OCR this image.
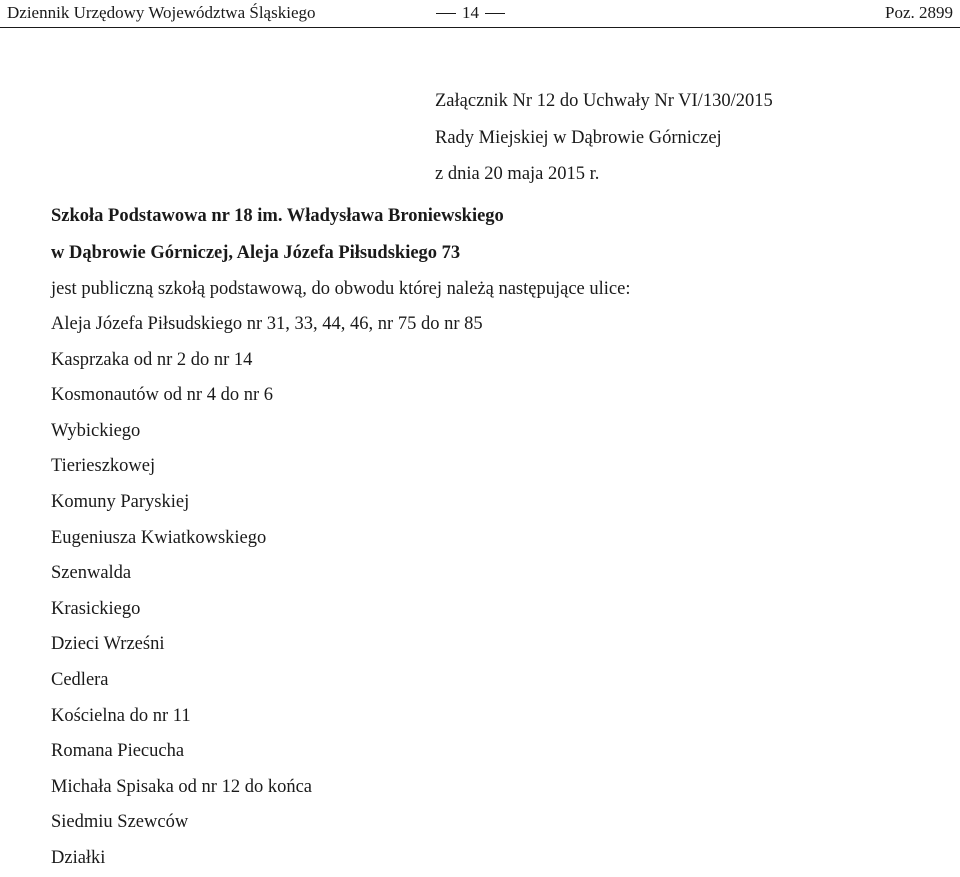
Dziennik Urzędowy Województwa Śląskiego	14	Poz. 2899
Załącznik Nr 12 do Uchwały Nr VI/130/2015
Rady Miejskiej w Dąbrowie Górniczej
z dnia 20 maja 2015 r.
Szkoła Podstawowa nr 18 im. Władysława Broniewskiego
w Dąbrowie Górniczej, Aleja Józefa Piłsudskiego 73
jest publiczną szkołą podstawową, do obwodu której należą następujące ulice:
Aleja Józefa Piłsudskiego nr 31, 33, 44, 46, nr 75 do nr 85
Kasprzaka od nr 2 do nr 14
Kosmonautów od nr 4 do nr 6
Wybickiego
Tierieszkowej
Komuny Paryskiej
Eugeniusza Kwiatkowskiego
Szenwalda
Krasickiego
Dzieci Wrześni
Cedlera
Kościelna do nr 11
Romana Piecucha
Michała Spisaka od nr 12 do końca
Siedmiu Szewców
Działki
